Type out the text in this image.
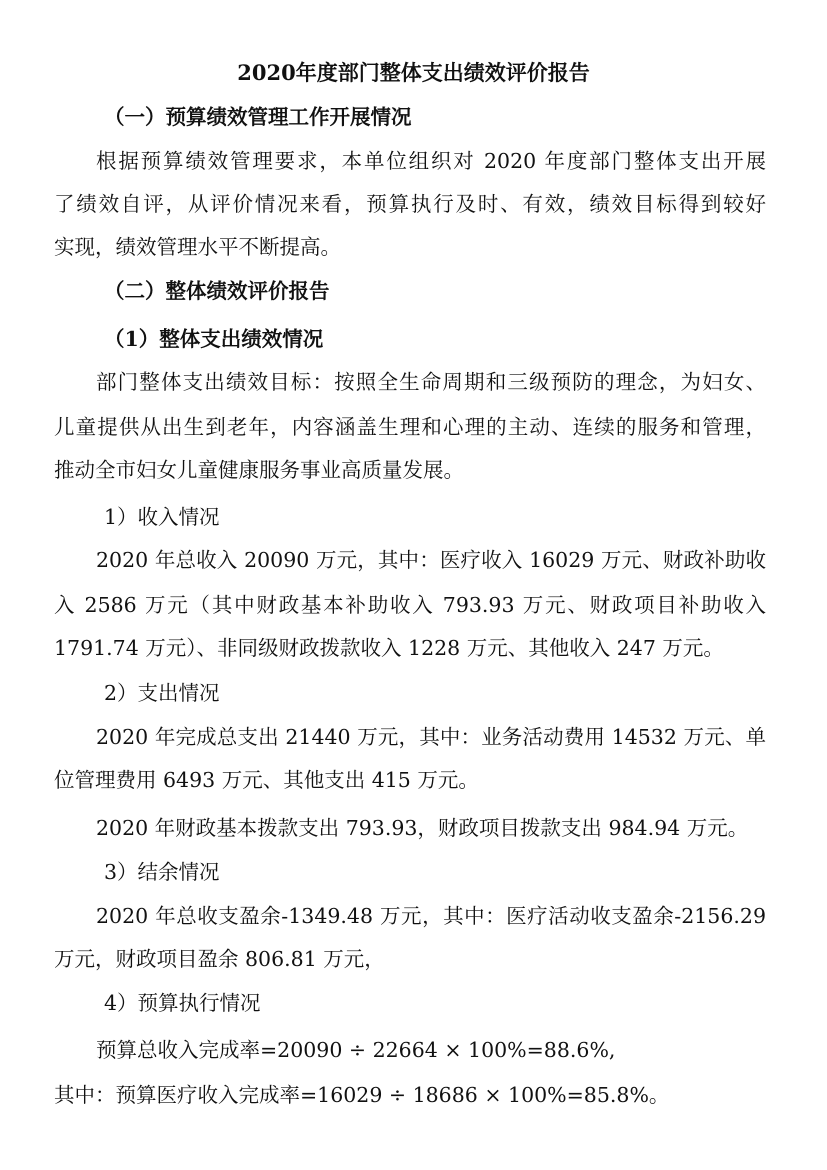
2020年度部门整体支出绩效评价报告
（一）预算绩效管理工作开展情况
根据预算绩效管理要求，本单位组织对 2020 年度部门整体支出开展
了绩效自评，从评价情况来看，预算执行及时、有效，绩效目标得到较好
实现，绩效管理水平不断提高。
（二）整体绩效评价报告
（1）整体支出绩效情况
部门整体支出绩效目标：按照全生命周期和三级预防的理念，为妇女、
儿童提供从出生到老年，内容涵盖生理和心理的主动、连续的服务和管理，
推动全市妇女儿童健康服务事业高质量发展。
1）收入情况
2020 年总收入 20090 万元，其中：医疗收入 16029 万元、财政补助收
入 2586 万元（其中财政基本补助收入 793.93 万元、财政项目补助收入
1791.74 万元）、非同级财政拨款收入 1228 万元、其他收入 247 万元。
2）支出情况
2020 年完成总支出 21440 万元，其中：业务活动费用 14532 万元、单
位管理费用 6493 万元、其他支出 415 万元。
2020 年财政基本拨款支出 793.93，财政项目拨款支出 984.94 万元。
3）结余情况
2020 年总收支盈余-1349.48 万元，其中：医疗活动收支盈余-2156.29
万元，财政项目盈余 806.81 万元，
4）预算执行情况
预算总收入完成率=20090 ÷ 22664 × 100%=88.6%,
其中：预算医疗收入完成率=16029 ÷ 18686 × 100%=85.8%。
